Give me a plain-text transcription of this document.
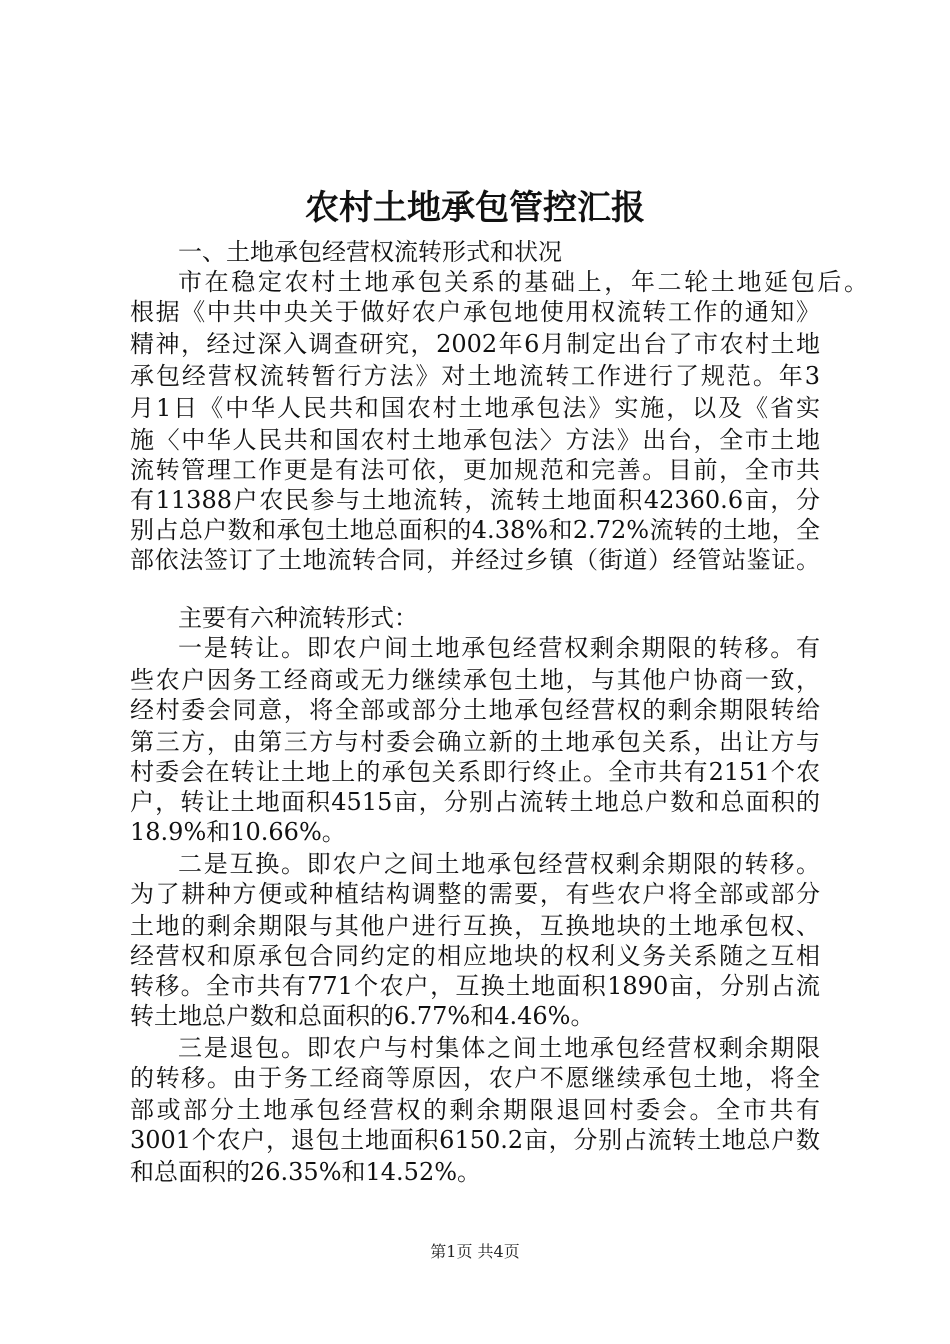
农村土地承包管控汇报
一、土地承包经营权流转形式和状况
市在稳定农村土地承包关系的基础上，年二轮土地延包后。
根据《中共中央关于做好农户承包地使用权流转工作的通知》
精神，经过深入调查研究，2002年6月制定出台了市农村土地
承包经营权流转暂行方法》对土地流转工作进行了规范。年3
月1日《中华人民共和国农村土地承包法》实施，以及《省实
施〈中华人民共和国农村土地承包法〉方法》出台，全市土地
流转管理工作更是有法可依，更加规范和完善。目前，全市共
有11388户农民参与土地流转，流转土地面积42360.6亩，分
别占总户数和承包土地总面积的4.38%和2.72%流转的土地，全
部依法签订了土地流转合同，并经过乡镇（街道）经管站鉴证。
主要有六种流转形式：
一是转让。即农户间土地承包经营权剩余期限的转移。有
些农户因务工经商或无力继续承包土地，与其他户协商一致，
经村委会同意，将全部或部分土地承包经营权的剩余期限转给
第三方，由第三方与村委会确立新的土地承包关系，出让方与
村委会在转让土地上的承包关系即行终止。全市共有2151个农
户，转让土地面积4515亩，分别占流转土地总户数和总面积的
18.9%和10.66%。
二是互换。即农户之间土地承包经营权剩余期限的转移。
为了耕种方便或种植结构调整的需要，有些农户将全部或部分
土地的剩余期限与其他户进行互换，互换地块的土地承包权、
经营权和原承包合同约定的相应地块的权利义务关系随之互相
转移。全市共有771个农户，互换土地面积1890亩，分别占流
转土地总户数和总面积的6.77%和4.46%。
三是退包。即农户与村集体之间土地承包经营权剩余期限
的转移。由于务工经商等原因，农户不愿继续承包土地，将全
部或部分土地承包经营权的剩余期限退回村委会。全市共有
3001个农户，退包土地面积6150.2亩，分别占流转土地总户数
和总面积的26.35%和14.52%。
第1页 共4页
